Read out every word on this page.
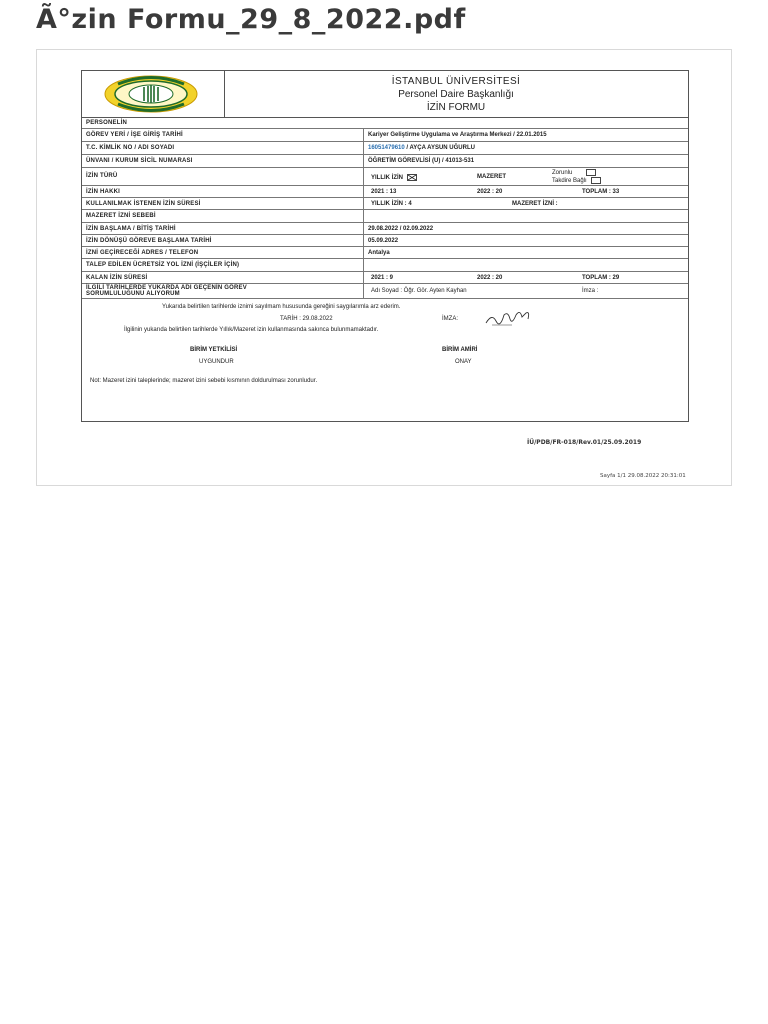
Ã°zin Formu_29_8_2022.pdf
İSTANBUL ÜNİVERSİTESİ
Personel Daire Başkanlığı
İZİN FORMU
PERSONELİN
GÖREV YERİ / İŞE GİRİŞ TARİHİ	Kariyer Geliştirme Uygulama ve Araştırma Merkezi / 22.01.2015
T.C. KİMLİK NO / ADI SOYADI	16051479610 / AYÇA AYSUN UĞURLU
ÜNVANI / KURUM SİCİL NUMARASI	ÖĞRETİM GÖREVLİSİ (U) / 41013-531
İZİN TÜRÜ	YILLIK İZİN	MAZERET
Zorunlu
Takdire Bağlı
İZİN HAKKI	2021 : 13	2022 : 20	TOPLAM : 33
KULLANILMAK İSTENEN İZİN SÜRESİ	YILLIK İZİN : 4	MAZERET İZNİ :
MAZERET İZNİ SEBEBİ
İZİN BAŞLAMA / BİTİŞ TARİHİ	29.08.2022 / 02.09.2022
İZİN DÖNÜŞÜ GÖREVE BAŞLAMA TARİHİ	05.09.2022
İZNİ GEÇİRECEĞİ ADRES / TELEFON	Antalya
TALEP EDİLEN ÜCRETSİZ YOL İZNİ (İŞÇİLER İÇİN)
KALAN İZİN SÜRESİ	2021 : 9	2022 : 20	TOPLAM : 29
İLGİLİ TARİHLERDE YUKARDA ADI GEÇENİN GÖREV
SORUMLULUĞUNU ALIYORUM	Adı Soyad : Öğr. Gör. Ayten Kayhan	İmza :
Yukarıda belirtilen tarihlerde iznimi sayılmam hususunda gereğini saygılarımla arz ederim.
TARİH : 29.08.2022	İMZA:
İlgilinin yukarıda belirtilen tarihlerde Yıllık/Mazeret izin kullanmasında sakınca bulunmamaktadır.
BİRİM YETKİLİSİ	BİRİM AMİRİ
UYGUNDUR	ONAY
Not: Mazeret izini taleplerinde; mazeret izini sebebi kısmının doldurulması zorunludur.
İÜ/PDB/FR-018/Rev.01/25.09.2019
Sayfa 1/1 29.08.2022 20:31:01
